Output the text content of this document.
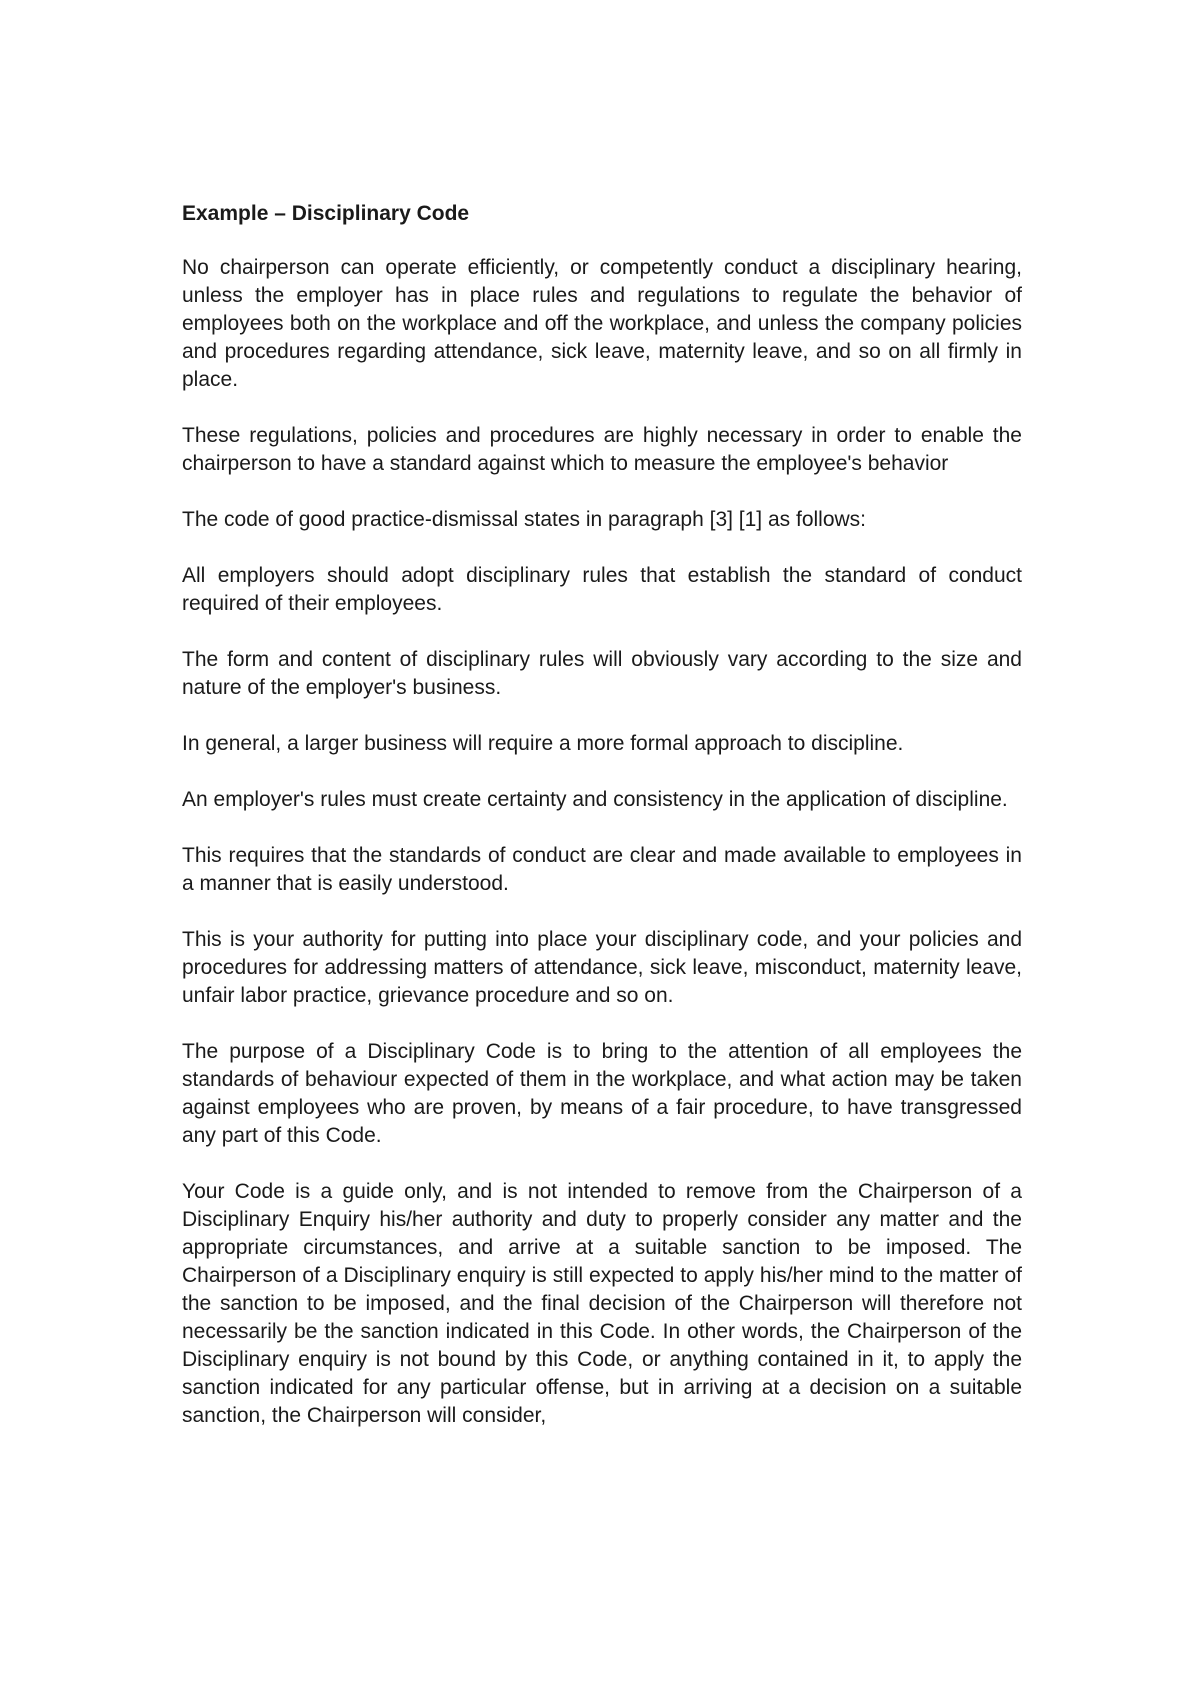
Example – Disciplinary Code

No chairperson can operate efficiently, or competently conduct a disciplinary hearing, unless the employer has in place rules and regulations to regulate the behavior of employees both on the workplace and off the workplace, and unless the company policies and procedures regarding attendance, sick leave, maternity leave, and so on all firmly in place.

These regulations, policies and procedures are highly necessary in order to enable the chairperson to have a standard against which to measure the employee's behavior

The code of good practice-dismissal states in paragraph [3] [1] as follows:

All employers should adopt disciplinary rules that establish the standard of conduct required of their employees.

The form and content of disciplinary rules will obviously vary according to the size and nature of the employer's business.

In general, a larger business will require a more formal approach to discipline.

An employer's rules must create certainty and consistency in the application of discipline.

This requires that the standards of conduct are clear and made available to employees in a manner that is easily understood.

This is your authority for putting into place your disciplinary code, and your policies and procedures for addressing matters of attendance, sick leave, misconduct, maternity leave, unfair labor practice, grievance procedure and so on.

The purpose of a Disciplinary Code is to bring to the attention of all employees the standards of behaviour expected of them in the workplace, and what action may be taken against employees who are proven, by means of a fair procedure, to have transgressed any part of this Code.

Your Code is a guide only, and is not intended to remove from the Chairperson of a Disciplinary Enquiry his/her authority and duty to properly consider any matter and the appropriate circumstances, and arrive at a suitable sanction to be imposed. The Chairperson of a Disciplinary enquiry is still expected to apply his/her mind to the matter of the sanction to be imposed, and the final decision of the Chairperson will therefore not necessarily be the sanction indicated in this Code. In other words, the Chairperson of the Disciplinary enquiry is not bound by this Code, or anything contained in it, to apply the sanction indicated for any particular offense, but in arriving at a decision on a suitable sanction, the Chairperson will consider,
